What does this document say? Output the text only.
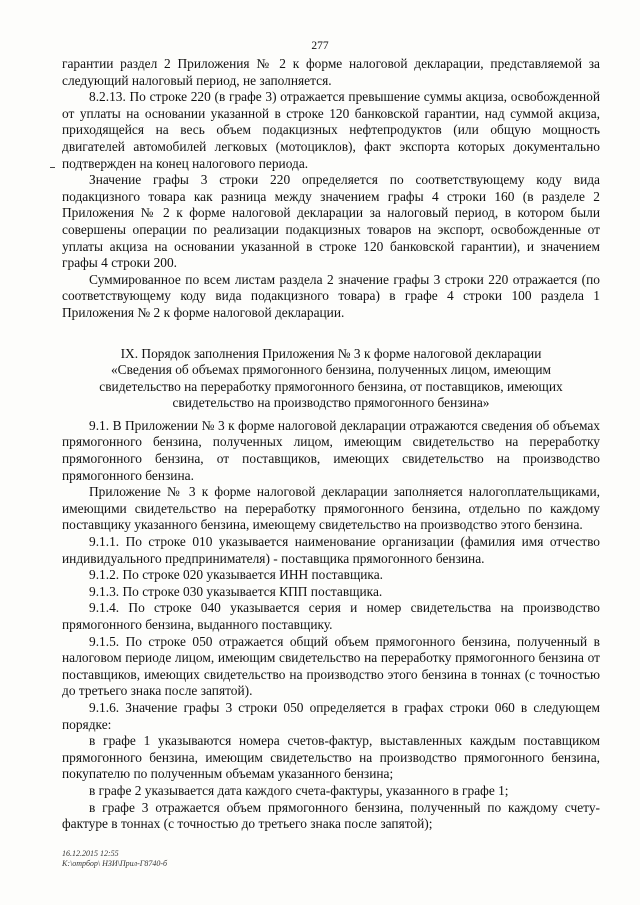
277

гарантии раздел 2 Приложения № 2 к форме налоговой декларации, представляемой за следующий налоговый период, не заполняется.

8.2.13. По строке 220 (в графе 3) отражается превышение суммы акциза, освобожденной от уплаты на основании указанной в строке 120 банковской гарантии, над суммой акциза, приходящейся на весь объем подакцизных нефтепродуктов (или общую мощность двигателей автомобилей легковых (мотоциклов), факт экспорта которых документально подтвержден на конец налогового периода.

Значение графы 3 строки 220 определяется по соответствующему коду вида подакцизного товара как разница между значением графы 4 строки 160 (в разделе 2 Приложения № 2 к форме налоговой декларации за налоговый период, в котором были совершены операции по реализации подакцизных товаров на экспорт, освобожденные от уплаты акциза на основании указанной в строке 120 банковской гарантии), и значением графы 4 строки 200.

Суммированное по всем листам раздела 2 значение графы 3 строки 220 отражается (по соответствующему коду вида подакцизного товара) в графе 4 строки 100 раздела 1 Приложения № 2 к форме налоговой декларации.

IX. Порядок заполнения Приложения № 3 к форме налоговой декларации
«Сведения об объемах прямогонного бензина, полученных лицом, имеющим
свидетельство на переработку прямогонного бензина, от поставщиков, имеющих
свидетельство на производство прямогонного бензина»

9.1. В Приложении № 3 к форме налоговой декларации отражаются сведения об объемах прямогонного бензина, полученных лицом, имеющим свидетельство на переработку прямогонного бензина, от поставщиков, имеющих свидетельство на производство прямогонного бензина.

Приложение № 3 к форме налоговой декларации заполняется налогоплательщиками, имеющими свидетельство на переработку прямогонного бензина, отдельно по каждому поставщику указанного бензина, имеющему свидетельство на производство этого бензина.

9.1.1. По строке 010 указывается наименование организации (фамилия имя отчество индивидуального предпринимателя) - поставщика прямогонного бензина.

9.1.2. По строке 020 указывается ИНН поставщика.

9.1.3. По строке 030 указывается КПП поставщика.

9.1.4. По строке 040 указывается серия и номер свидетельства на производство прямогонного бензина, выданного поставщику.

9.1.5. По строке 050 отражается общий объем прямогонного бензина, полученный в налоговом периоде лицом, имеющим свидетельство на переработку прямогонного бензина от поставщиков, имеющих свидетельство на производство этого бензина в тоннах (с точностью до третьего знака после запятой).

9.1.6. Значение графы 3 строки 050 определяется в графах строки 060 в следующем порядке:

в графе 1 указываются номера счетов-фактур, выставленных каждым поставщиком прямогонного бензина, имеющим свидетельство на производство прямогонного бензина, покупателю по полученным объемам указанного бензина;

в графе 2 указывается дата каждого счета-фактуры, указанного в графе 1;

в графе 3 отражается объем прямогонного бензина, полученный по каждому счету-фактуре в тоннах (с точностью до третьего знака после запятой);

16.12.2015 12:55
К:\отрбор\ НЗИ\Прил-Г8740-б
